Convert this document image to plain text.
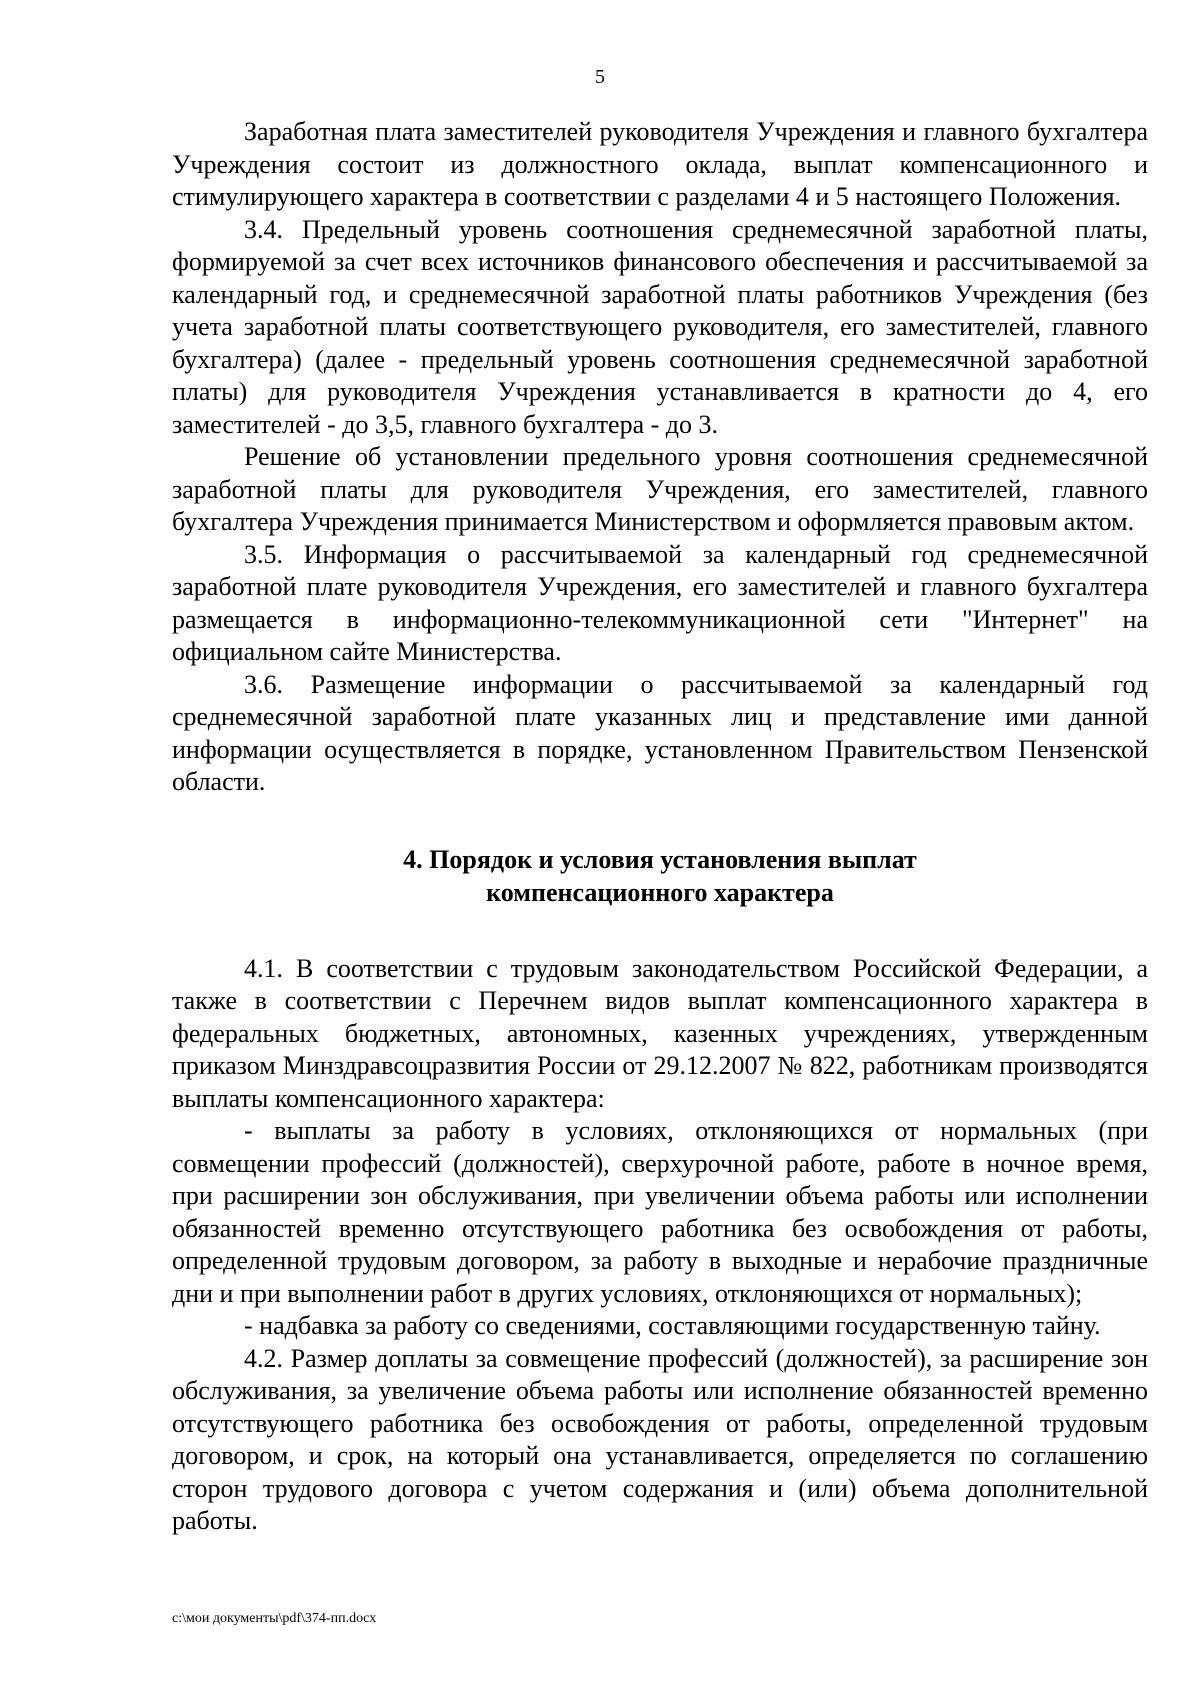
5

Заработная плата заместителей руководителя Учреждения и главного бухгалтера Учреждения состоит из должностного оклада, выплат компенсационного и стимулирующего характера в соответствии с разделами 4 и 5 настоящего Положения.

3.4. Предельный уровень соотношения среднемесячной заработной платы, формируемой за счет всех источников финансового обеспечения и рассчитываемой за календарный год, и среднемесячной заработной платы работников Учреждения (без учета заработной платы соответствующего руководителя, его заместителей, главного бухгалтера) (далее - предельный уровень соотношения среднемесячной заработной платы) для руководителя Учреждения устанавливается в кратности до 4, его заместителей - до 3,5, главного бухгалтера - до 3.

Решение об установлении предельного уровня соотношения среднемесячной заработной платы для руководителя Учреждения, его заместителей, главного бухгалтера Учреждения принимается Министерством и оформляется правовым актом.

3.5. Информация о рассчитываемой за календарный год среднемесячной заработной плате руководителя Учреждения, его заместителей и главного бухгалтера размещается в информационно-телекоммуникационной сети "Интернет" на официальном сайте Министерства.

3.6. Размещение информации о рассчитываемой за календарный год среднемесячной заработной плате указанных лиц и представление ими данной информации осуществляется в порядке, установленном Правительством Пензенской области.

4. Порядок и условия установления выплат
компенсационного характера

4.1. В соответствии с трудовым законодательством Российской Федерации, а также в соответствии с Перечнем видов выплат компенсационного характера в федеральных бюджетных, автономных, казенных учреждениях, утвержденным приказом Минздравсоцразвития России от 29.12.2007 № 822, работникам производятся выплаты компенсационного характера:

- выплаты за работу в условиях, отклоняющихся от нормальных (при совмещении профессий (должностей), сверхурочной работе, работе в ночное время, при расширении зон обслуживания, при увеличении объема работы или исполнении обязанностей временно отсутствующего работника без освобождения от работы, определенной трудовым договором, за работу в выходные и нерабочие праздничные дни и при выполнении работ в других условиях, отклоняющихся от нормальных);

- надбавка за работу со сведениями, составляющими государственную тайну.

4.2. Размер доплаты за совмещение профессий (должностей), за расширение зон обслуживания, за увеличение объема работы или исполнение обязанностей временно отсутствующего работника без освобождения от работы, определенной трудовым договором, и срок, на который она устанавливается, определяется по соглашению сторон трудового договора с учетом содержания и (или) объема дополнительной работы.

c:\мои документы\pdf\374-пп.docx
